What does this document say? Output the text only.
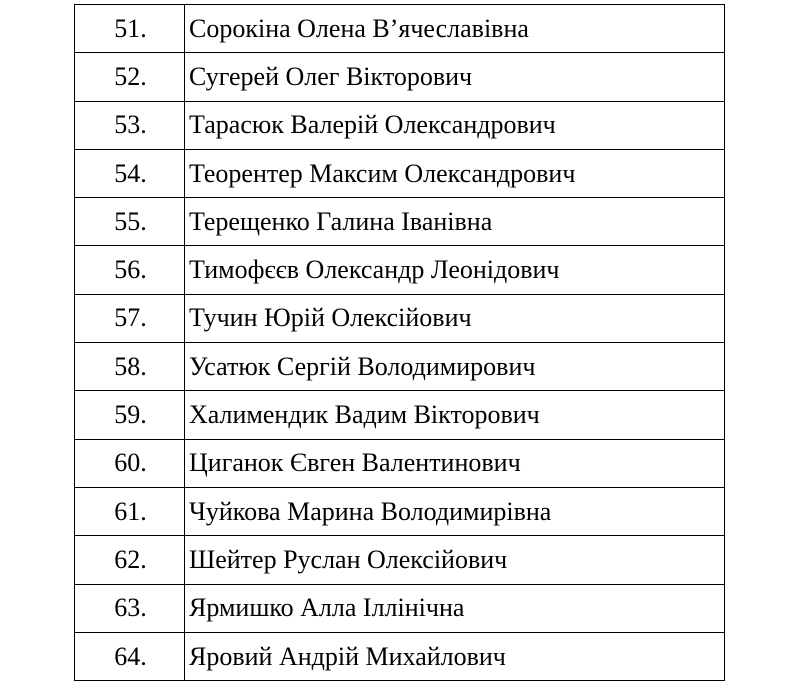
51.	Сорокіна Олена В’ячеславівна
52.	Сугерей Олег Вікторович
53.	Тарасюк Валерій Олександрович
54.	Теорентер Максим Олександрович
55.	Терещенко Галина Іванівна
56.	Тимофєєв Олександр Леонідович
57.	Тучин Юрій Олексійович
58.	Усатюк Сергій Володимирович
59.	Халимендик Вадим Вікторович
60.	Циганок Євген Валентинович
61.	Чуйкова Марина Володимирівна
62.	Шейтер Руслан Олексійович
63.	Ярмишко Алла Іллінічна
64.	Яровий Андрій Михайлович
